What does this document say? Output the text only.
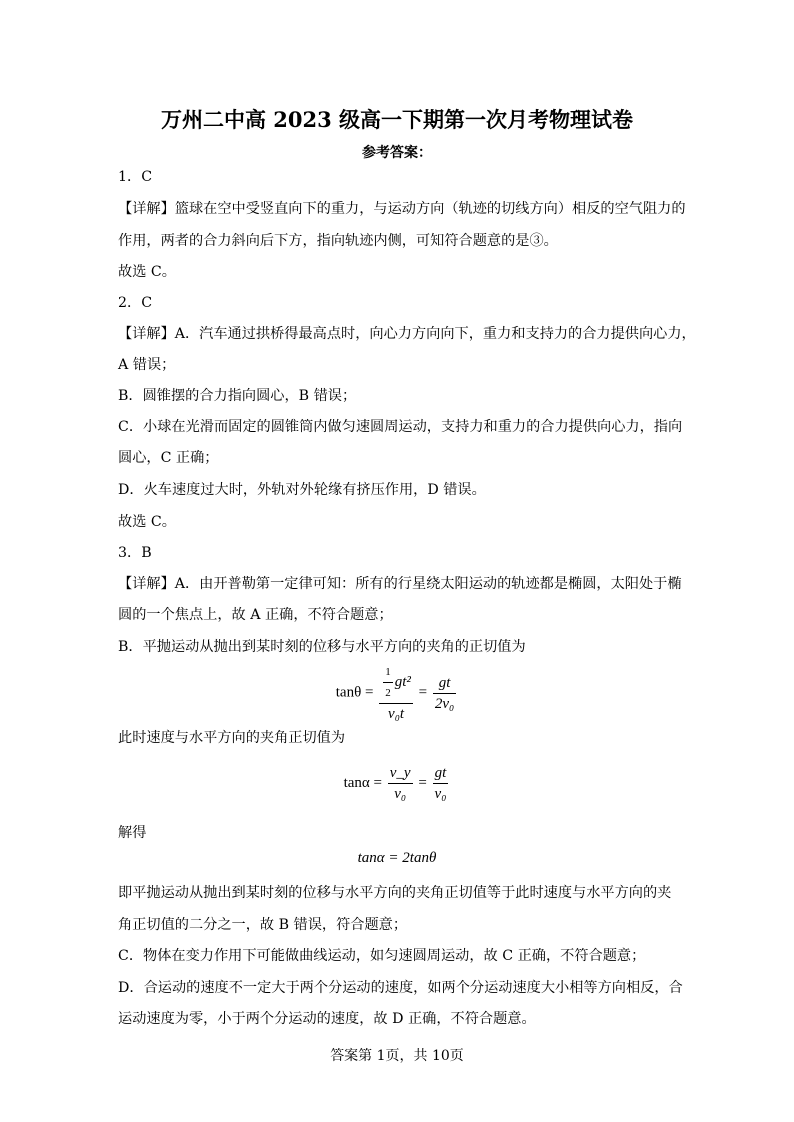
万州二中高 2023 级高一下期第一次月考物理试卷
参考答案：
1．C
【详解】篮球在空中受竖直向下的重力，与运动方向（轨迹的切线方向）相反的空气阻力的
作用，两者的合力斜向后下方，指向轨迹内侧，可知符合题意的是③。
故选 C。
2．C
【详解】A．汽车通过拱桥得最高点时，向心力方向向下，重力和支持力的合力提供向心力，
A 错误；
B．圆锥摆的合力指向圆心，B 错误；
C．小球在光滑而固定的圆锥筒内做匀速圆周运动，支持力和重力的合力提供向心力，指向
圆心，C 正确；
D．火车速度过大时，外轨对外轮缘有挤压作用，D 错误。
故选 C。
3．B
【详解】A．由开普勒第一定律可知：所有的行星绕太阳运动的轨迹都是椭圆，太阳处于椭
圆的一个焦点上，故 A 正确，不符合题意；
B．平抛运动从抛出到某时刻的位移与水平方向的夹角的正切值为
$\tan\theta = \frac{\frac{1}{2} gt^2}{\text{v₀t}} = \frac{gt}{\text{2v₀}}$
此时速度与水平方向的夹角正切值为
$\tan\alpha = \frac{v\_y}{\text{v₀}} = \frac{gt}{\text{v₀}}$
解得
tanα = 2tanθ
即平抛运动从抛出到某时刻的位移与水平方向的夹角正切值等于此时速度与水平方向的夹
角正切值的二分之一，故 B 错误，符合题意；
C．物体在变力作用下可能做曲线运动，如匀速圆周运动，故 C 正确，不符合题意；
D．合运动的速度不一定大于两个分运动的速度，如两个分运动速度大小相等方向相反，合
运动速度为零，小于两个分运动的速度，故 D 正确，不符合题意。
答案第 1页，共 10页
